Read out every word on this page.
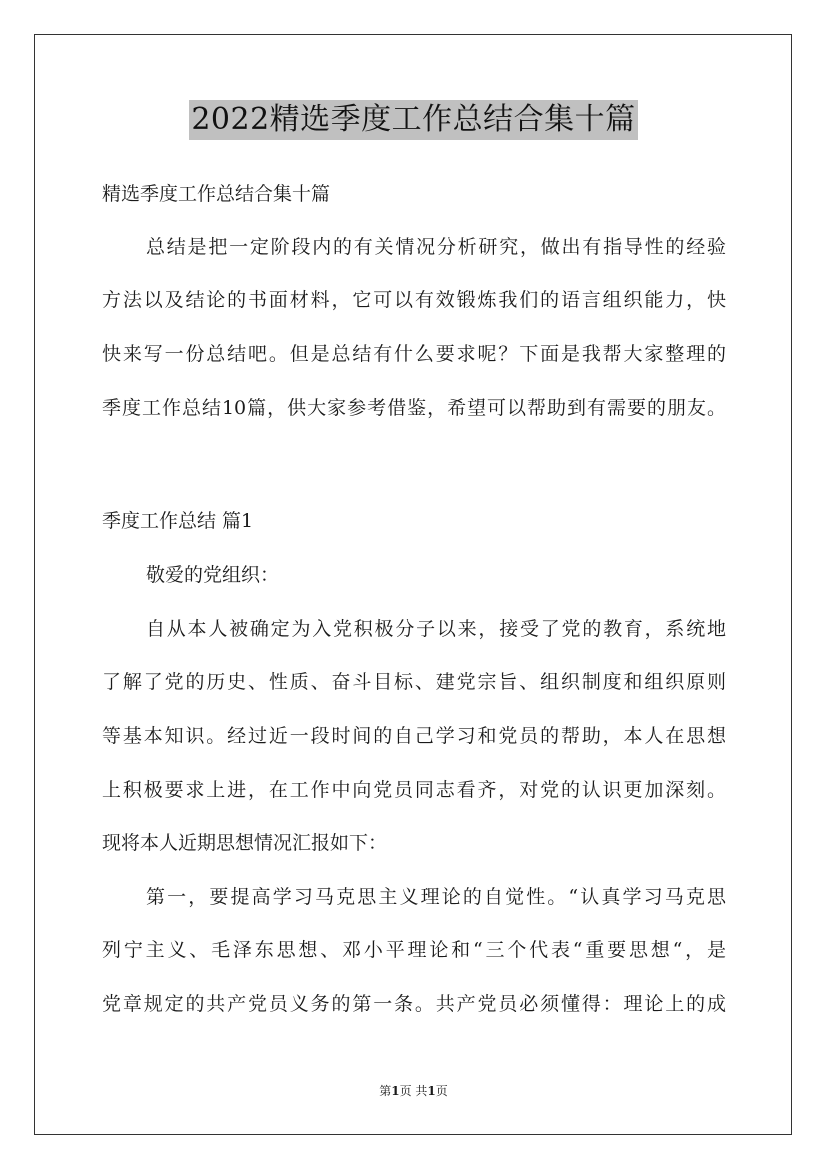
2022精选季度工作总结合集十篇
精选季度工作总结合集十篇
总结是把一定阶段内的有关情况分析研究，做出有指导性的经验
方法以及结论的书面材料，它可以有效锻炼我们的语言组织能力，快
快来写一份总结吧。但是总结有什么要求呢？下面是我帮大家整理的
季度工作总结10篇，供大家参考借鉴，希望可以帮助到有需要的朋友。
季度工作总结 篇1
敬爱的党组织：
自从本人被确定为入党积极分子以来，接受了党的教育，系统地
了解了党的历史、性质、奋斗目标、建党宗旨、组织制度和组织原则
等基本知识。经过近一段时间的自己学习和党员的帮助，本人在思想
上积极要求上进，在工作中向党员同志看齐，对党的认识更加深刻。
现将本人近期思想情况汇报如下：
第一，要提高学习马克思主义理论的自觉性。“认真学习马克思
列宁主义、毛泽东思想、邓小平理论和“三个代表“重要思想“，是
党章规定的共产党员义务的第一条。共产党员必须懂得：理论上的成
第1页 共1页
